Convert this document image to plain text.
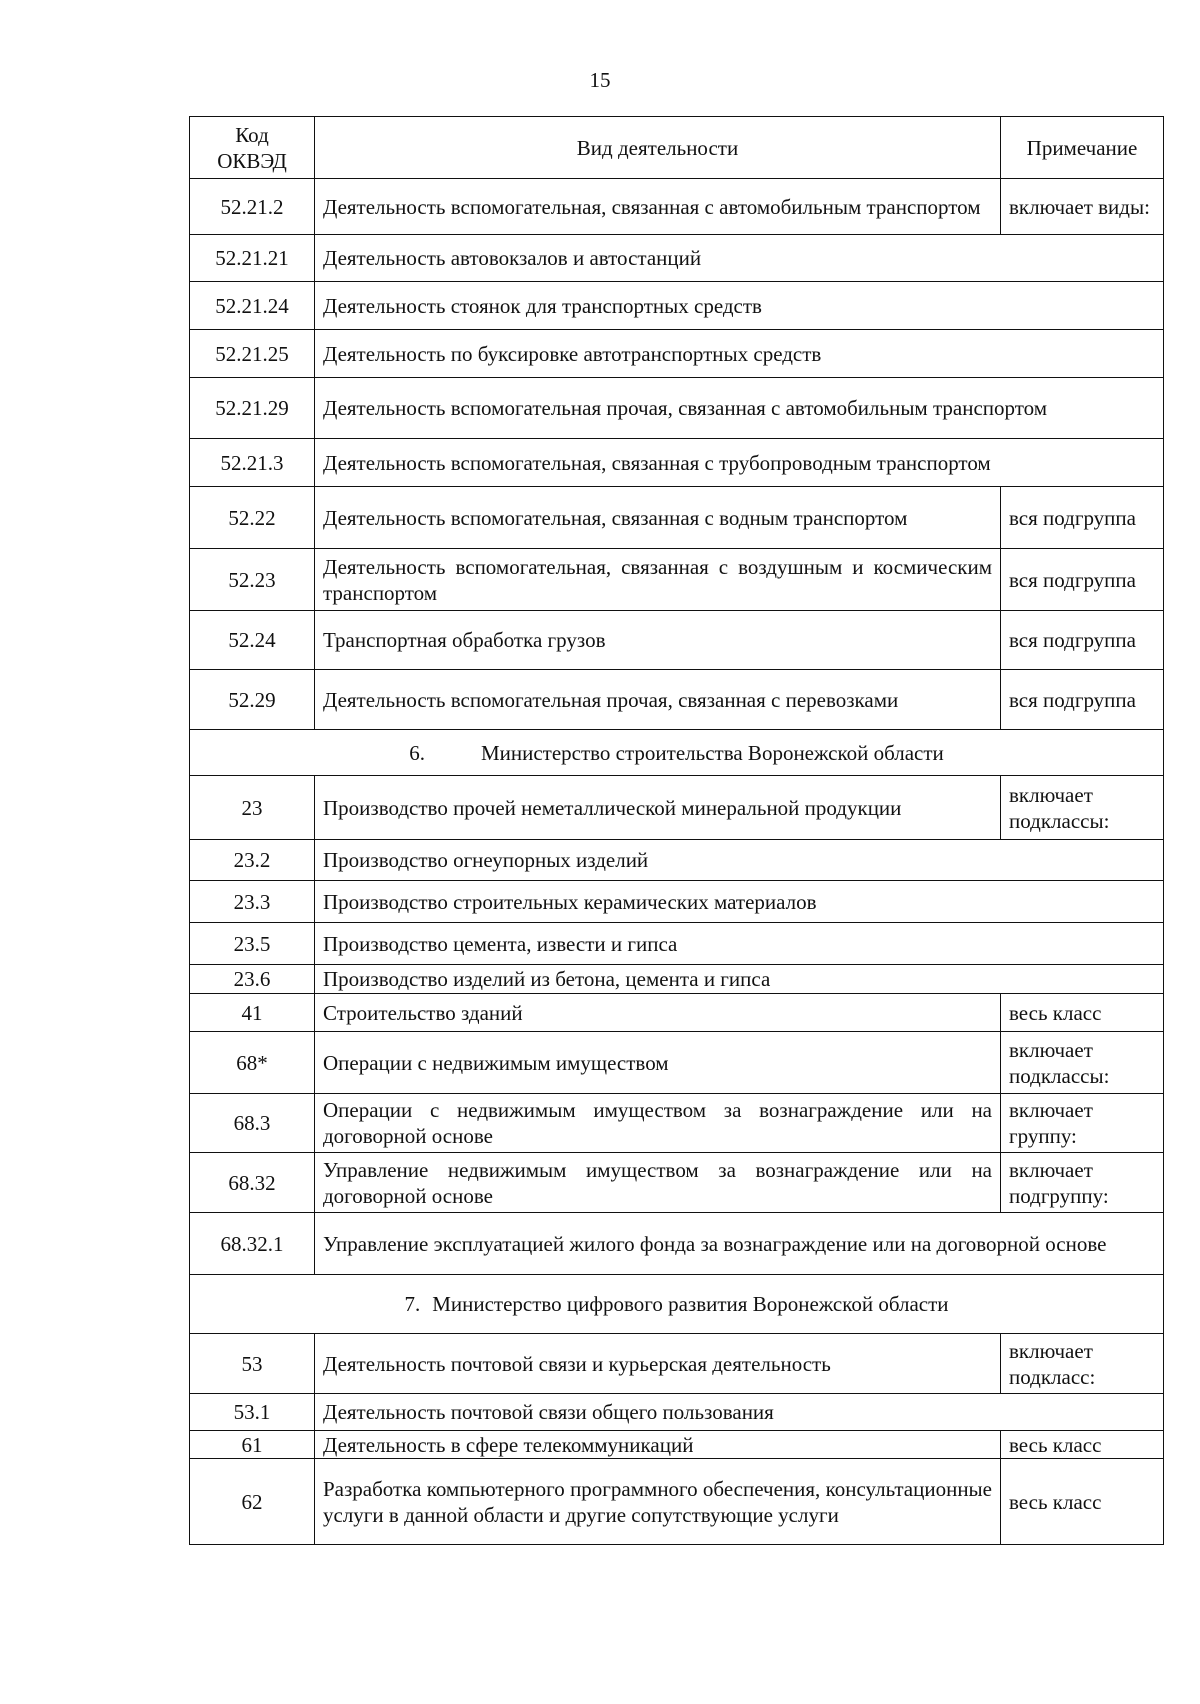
15
Код ОКВЭД	Вид деятельности	Примечание
52.21.2	Деятельность вспомогательная, связанная с автомобильным транспортом	включает виды:
52.21.21	Деятельность автовокзалов и автостанций	
52.21.24	Деятельность стоянок для транспортных средств	
52.21.25	Деятельность по буксировке автотранспортных средств	
52.21.29	Деятельность вспомогательная прочая, связанная с автомобильным транспортом	
52.21.3	Деятельность вспомогательная, связанная с трубопроводным транспортом	
52.22	Деятельность вспомогательная, связанная с водным транспортом	вся подгруппа
52.23	Деятельность вспомогательная, связанная с воздушным и космическим транспортом	вся подгруппа
52.24	Транспортная обработка грузов	вся подгруппа
52.29	Деятельность вспомогательная прочая, связанная с перевозками	вся подгруппа
6. Министерство строительства Воронежской области		
23	Производство прочей неметаллической минеральной продукции	включает подклассы:
23.2	Производство огнеупорных изделий	
23.3	Производство строительных керамических материалов	
23.5	Производство цемента, извести и гипса	
23.6	Производство изделий из бетона, цемента и гипса	
41	Строительство зданий	весь класс
68*	Операции с недвижимым имуществом	включает подклассы:
68.3	Операции с недвижимым имуществом за вознаграждение или на договорной основе	включает группу:
68.32	Управление недвижимым имуществом за вознаграждение или на договорной основе	включает подгруппу:
68.32.1	Управление эксплуатацией жилого фонда за вознаграждение или на договорной основе	
7. Министерство цифрового развития Воронежской области		
53	Деятельность почтовой связи и курьерская деятельность	включает подкласс:
53.1	Деятельность почтовой связи общего пользования	
61	Деятельность в сфере телекоммуникаций	весь класс
62	Разработка компьютерного программного обеспечения, консультационные услуги в данной области и другие сопутствующие услуги	весь класс
